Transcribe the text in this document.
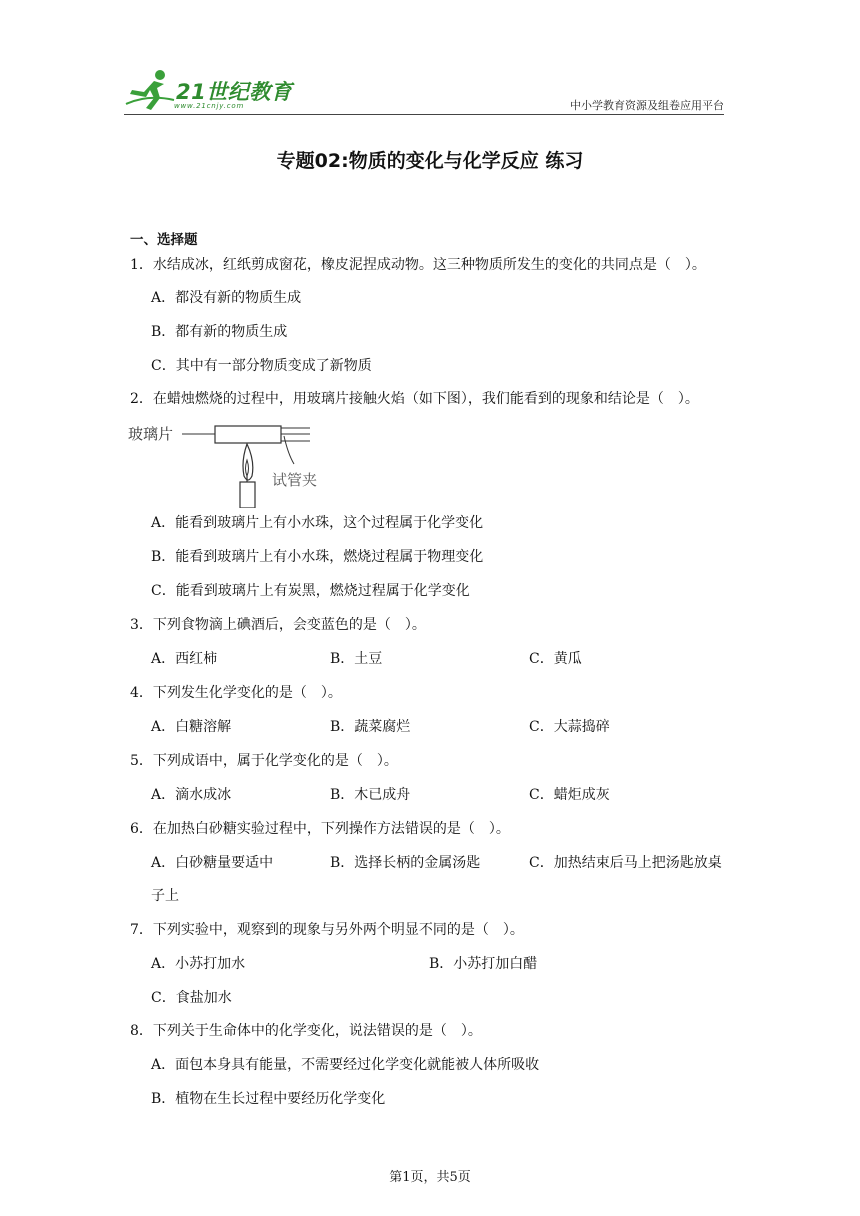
21世纪教育
www.21cnjy.com	中小学教育资源及组卷应用平台
专题02:物质的变化与化学反应 练习
一、选择题
1．水结成冰，红纸剪成窗花，橡皮泥捏成动物。这三种物质所发生的变化的共同点是（　）。
A．都没有新的物质生成
B．都有新的物质生成
C．其中有一部分物质变成了新物质
2．在蜡烛燃烧的过程中，用玻璃片接触火焰（如下图），我们能看到的现象和结论是（　）。
玻璃片
试管夹
A．能看到玻璃片上有小水珠，这个过程属于化学变化
B．能看到玻璃片上有小水珠，燃烧过程属于物理变化
C．能看到玻璃片上有炭黑，燃烧过程属于化学变化
3．下列食物滴上碘酒后，会变蓝色的是（　）。
A．西红柿	B．土豆	C．黄瓜
4．下列发生化学变化的是（　）。
A．白糖溶解	B．蔬菜腐烂	C．大蒜捣碎
5．下列成语中，属于化学变化的是（　）。
A．滴水成冰	B．木已成舟	C．蜡炬成灰
6．在加热白砂糖实验过程中，下列操作方法错误的是（　）。
A．白砂糖量要适中	B．选择长柄的金属汤匙	C．加热结束后马上把汤匙放桌
子上
7．下列实验中，观察到的现象与另外两个明显不同的是（　）。
A．小苏打加水	B．小苏打加白醋
C．食盐加水
8．下列关于生命体中的化学变化，说法错误的是（　）。
A．面包本身具有能量，不需要经过化学变化就能被人体所吸收
B．植物在生长过程中要经历化学变化
第1页，共5页
